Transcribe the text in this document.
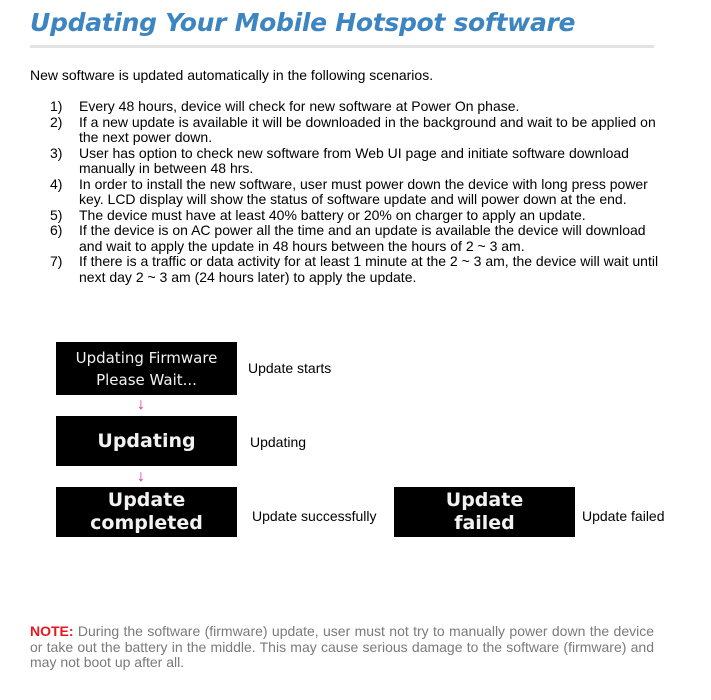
Updating Your Mobile Hotspot software

New software is updated automatically in the following scenarios.

1) Every 48 hours, device will check for new software at Power On phase.
2) If a new update is available it will be downloaded in the background and wait to be applied on the next power down.
3) User has option to check new software from Web UI page and initiate software download manually in between 48 hrs.
4) In order to install the new software, user must power down the device with long press power key. LCD display will show the status of software update and will power down at the end.
5) The device must have at least 40% battery or 20% on charger to apply an update.
6) If the device is on AC power all the time and an update is available the device will download and wait to apply the update in 48 hours between the hours of 2 ~ 3 am.
7) If there is a traffic or data activity for at least 1 minute at the 2 ~ 3 am, the device will wait until next day 2 ~ 3 am (24 hours later) to apply the update.
Updating Firmware
Please Wait...
Update starts
↓
Updating	Updating
↓
Update
completed	Update successfully
Update
failed	Update failed

NOTE: During the software (firmware) update, user must not try to manually power down the device or take out the battery in the middle. This may cause serious damage to the software (firmware) and may not boot up after all.
